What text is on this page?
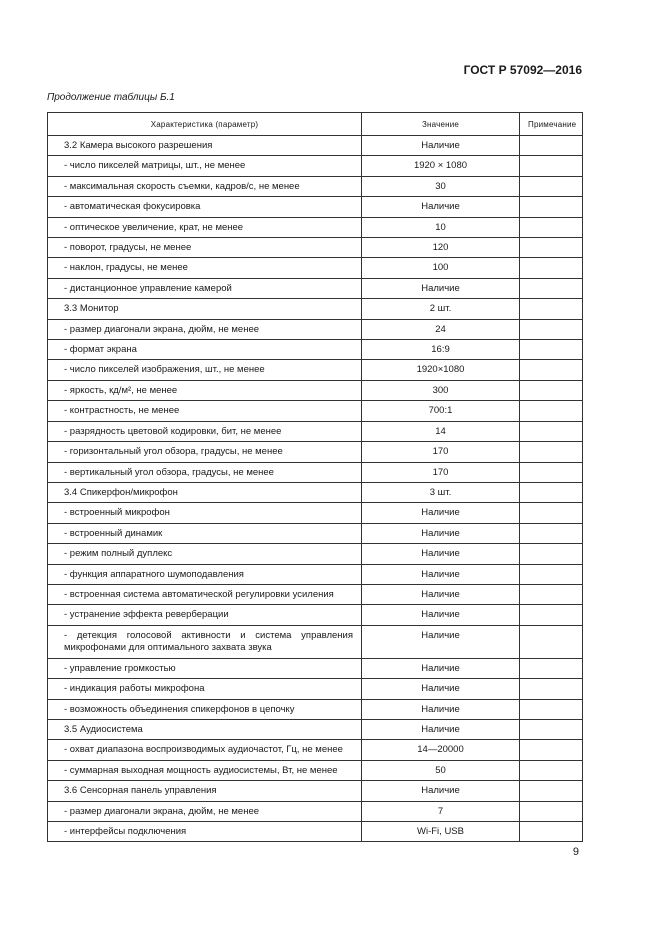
ГОСТ Р 57092—2016
Продолжение таблицы Б.1
Характеристика (параметр)	Значение	Примечание
3.2 Камера высокого разрешения	Наличие	
- число пикселей матрицы, шт., не менее	1920 × 1080	
- максимальная скорость съемки, кадров/с, не менее	30	
- автоматическая фокусировка	Наличие	
- оптическое увеличение, крат, не менее	10	
- поворот, градусы, не менее	120	
- наклон, градусы, не менее	100	
- дистанционное управление камерой	Наличие	
3.3 Монитор	2 шт.	
- размер диагонали экрана, дюйм, не менее	24	
- формат экрана	16:9	
- число пикселей изображения, шт., не менее	1920×1080	
- яркость, кд/м², не менее	300	
- контрастность, не менее	700:1	
- разрядность цветовой кодировки, бит, не менее	14	
- горизонтальный угол обзора, градусы, не менее	170	
- вертикальный угол обзора, градусы, не менее	170	
3.4 Спикерфон/микрофон	3 шт.	
- встроенный микрофон	Наличие	
- встроенный динамик	Наличие	
- режим полный дуплекс	Наличие	
- функция аппаратного шумоподавления	Наличие	
- встроенная система автоматической регулировки усиления	Наличие	
- устранение эффекта реверберации	Наличие	
- детекция голосовой активности и система управления микрофонами для оптимального захвата звука	Наличие	
- управление громкостью	Наличие	
- индикация работы микрофона	Наличие	
- возможность объединения спикерфонов в цепочку	Наличие	
3.5 Аудиосистема	Наличие	
- охват диапазона воспроизводимых аудиочастот, Гц, не менее	14—20000	
- суммарная выходная мощность аудиосистемы, Вт, не менее	50	
3.6 Сенсорная панель управления	Наличие	
- размер диагонали экрана, дюйм, не менее	7	
- интерфейсы подключения	Wi-Fi, USB	
9
